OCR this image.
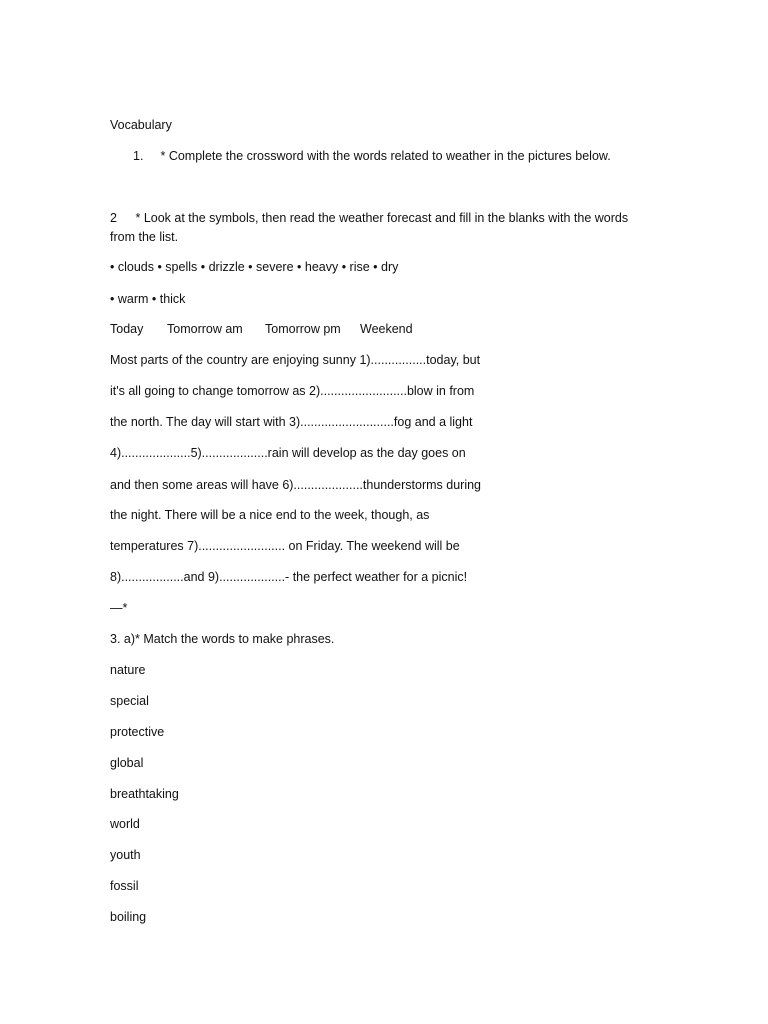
Vocabulary
1. * Complete the crossword with the words related to weather in the pictures below.
2 * Look at the symbols, then read the weather forecast and fill in the blanks with the words
from the list.
• clouds • spells • drizzle • severe • heavy • rise • dry
• warm • thick
Today	Tomorrow am	Tomorrow pm	Weekend
Most parts of the country are enjoying sunny 1)................today, but
it's all going to change tomorrow as 2).........................blow in from
the north. The day will start with 3)...........................fog and a light
4)....................5)...................rain will develop as the day goes on
and then some areas will have 6)....................thunderstorms during
the night. There will be a nice end to the week, though, as
temperatures 7)......................... on Friday. The weekend will be
8)..................and 9)...................- the perfect weather for a picnic!
—*
3. a)* Match the words to make phrases.
nature
special
protective
global
breathtaking
world
youth
fossil
boiling
